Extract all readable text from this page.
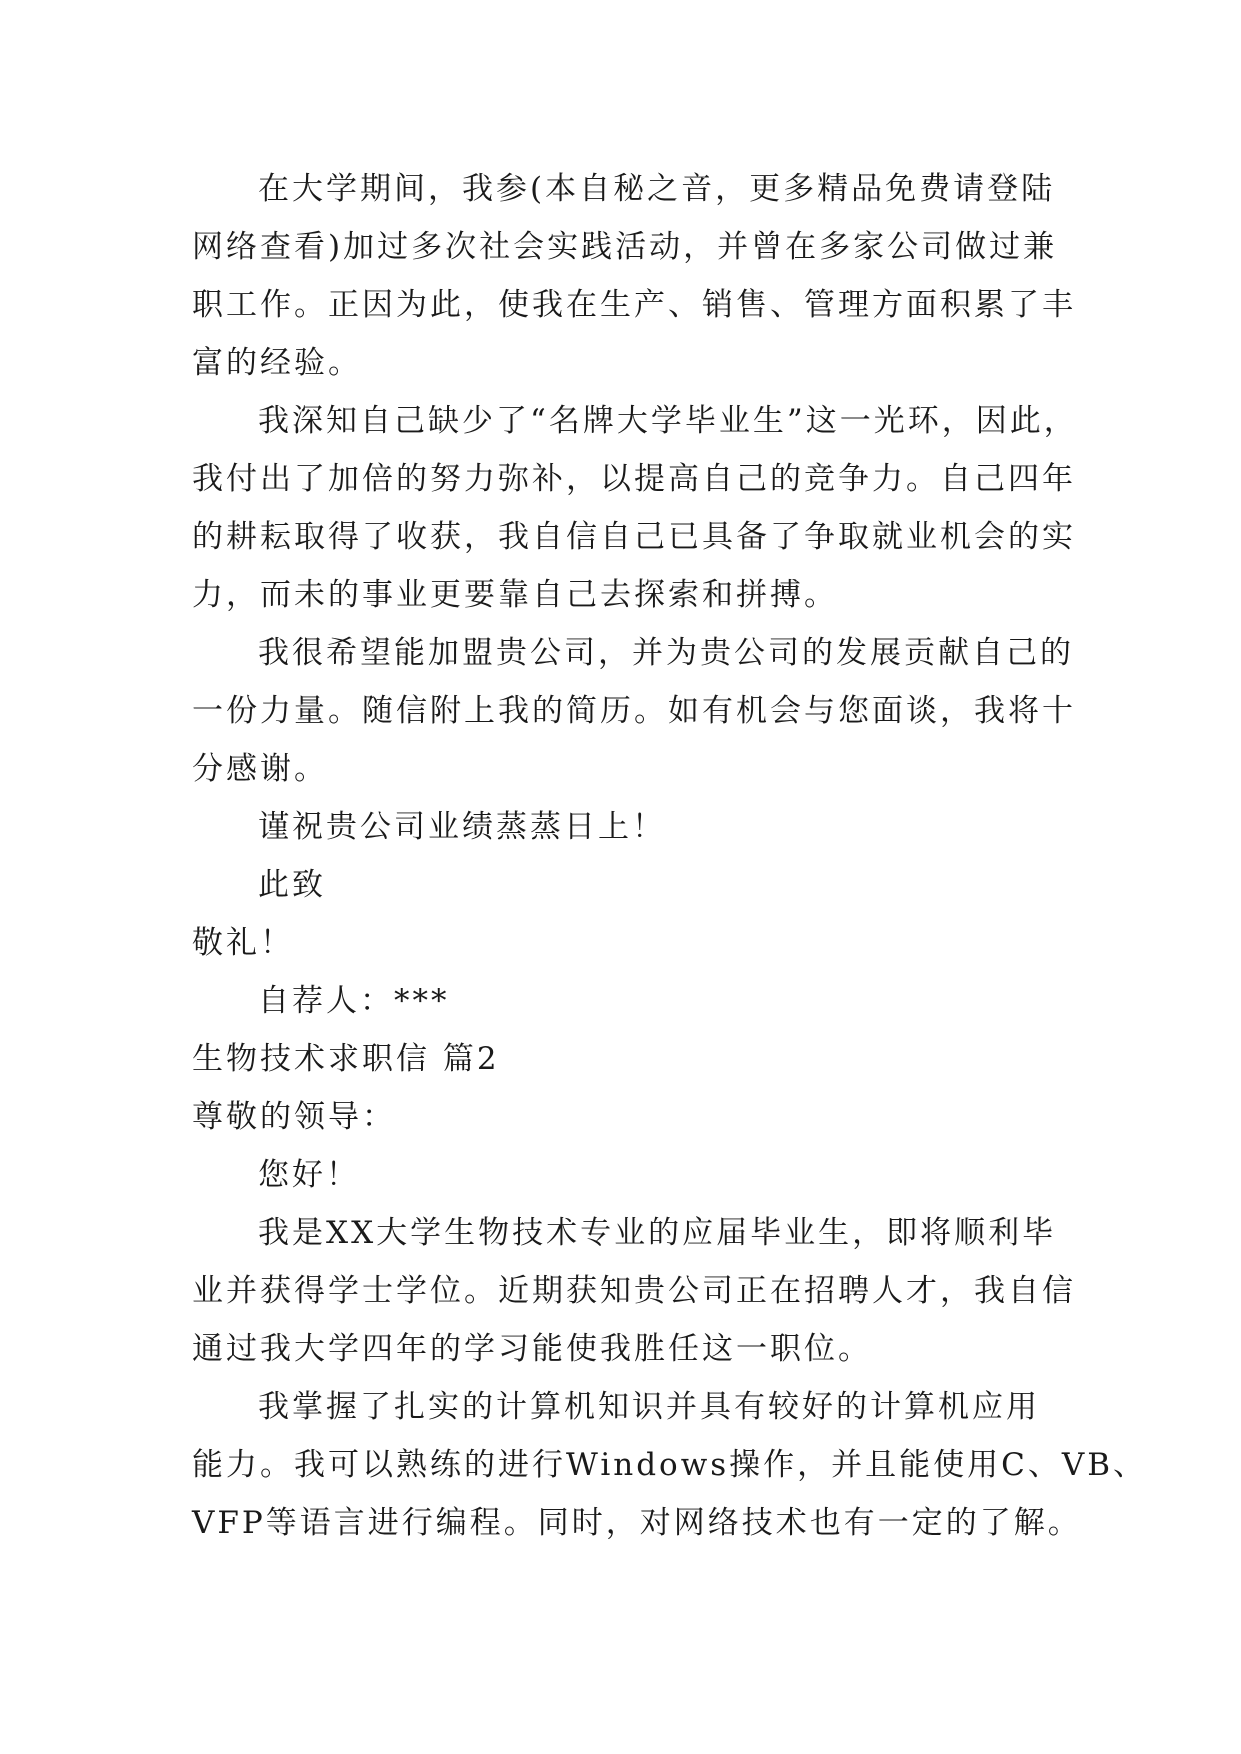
在大学期间，我参(本自秘之音，更多精品免费请登陆

网络查看)加过多次社会实践活动，并曾在多家公司做过兼

职工作。正因为此，使我在生产、销售、管理方面积累了丰

富的经验。

我深知自己缺少了“名牌大学毕业生”这一光环，因此，

我付出了加倍的努力弥补，以提高自己的竞争力。自己四年

的耕耘取得了收获，我自信自己已具备了争取就业机会的实

力，而未的事业更要靠自己去探索和拼搏。

我很希望能加盟贵公司，并为贵公司的发展贡献自己的

一份力量。随信附上我的简历。如有机会与您面谈，我将十

分感谢。

谨祝贵公司业绩蒸蒸日上！

此致

敬礼！

自荐人：***

生物技术求职信 篇2

尊敬的领导：

您好！

我是XX大学生物技术专业的应届毕业生，即将顺利毕

业并获得学士学位。近期获知贵公司正在招聘人才，我自信

通过我大学四年的学习能使我胜任这一职位。

我掌握了扎实的计算机知识并具有较好的计算机应用

能力。我可以熟练的进行Windows操作，并且能使用C、VB、

VFP等语言进行编程。同时，对网络技术也有一定的了解。
